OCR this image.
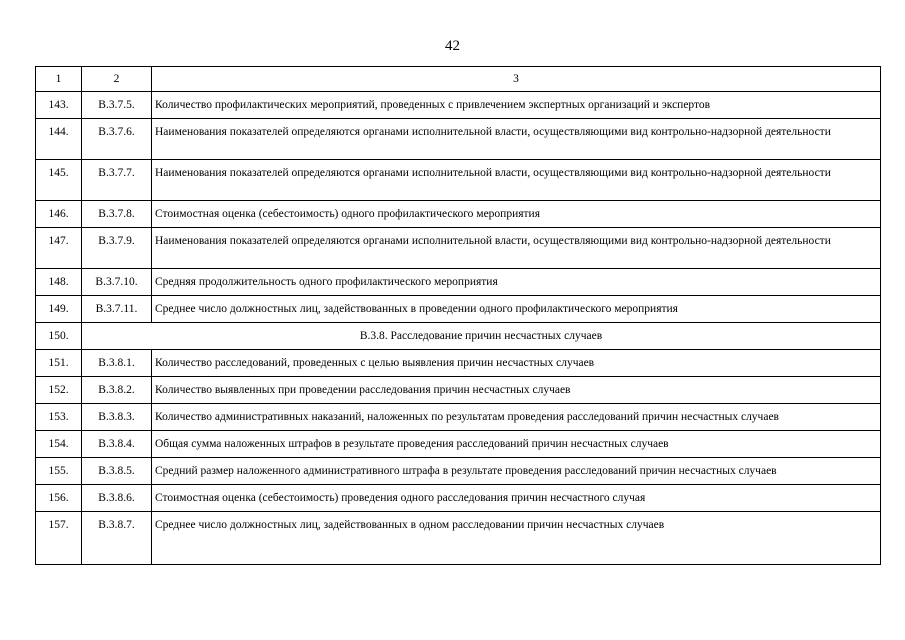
42
1	2	3
143.	В.3.7.5.	Количество профилактических мероприятий, проведенных с привлечением экспертных организаций и экспертов
144.	В.3.7.6.	Наименования показателей определяются органами исполнительной власти, осуществляющими вид контрольно-надзорной деятельности
145.	В.3.7.7.	Наименования показателей определяются органами исполнительной власти, осуществляющими вид контрольно-надзорной деятельности
146.	В.3.7.8.	Стоимостная оценка (себестоимость) одного профилактического мероприятия
147.	В.3.7.9.	Наименования показателей определяются органами исполнительной власти, осуществляющими вид контрольно-надзорной деятельности
148.	В.3.7.10.	Средняя продолжительность одного профилактического мероприятия
149.	В.3.7.11.	Среднее число должностных лиц, задействованных в проведении одного профилактического мероприятия
150.	В.3.8. Расследование причин несчастных случаев	
151.	В.3.8.1.	Количество расследований, проведенных с целью выявления причин несчастных случаев
152.	В.3.8.2.	Количество выявленных при проведении расследования причин несчастных случаев
153.	В.3.8.3.	Количество административных наказаний, наложенных по результатам проведения расследований причин несчастных случаев
154.	В.3.8.4.	Общая сумма наложенных штрафов в результате проведения расследований причин несчастных случаев
155.	В.3.8.5.	Средний размер наложенного административного штрафа в результате проведения расследований причин несчастных случаев
156.	В.3.8.6.	Стоимостная оценка (себестоимость) проведения одного расследования причин несчастного случая
157.	В.3.8.7.	Среднее число должностных лиц, задействованных в одном расследовании причин несчастных случаев
